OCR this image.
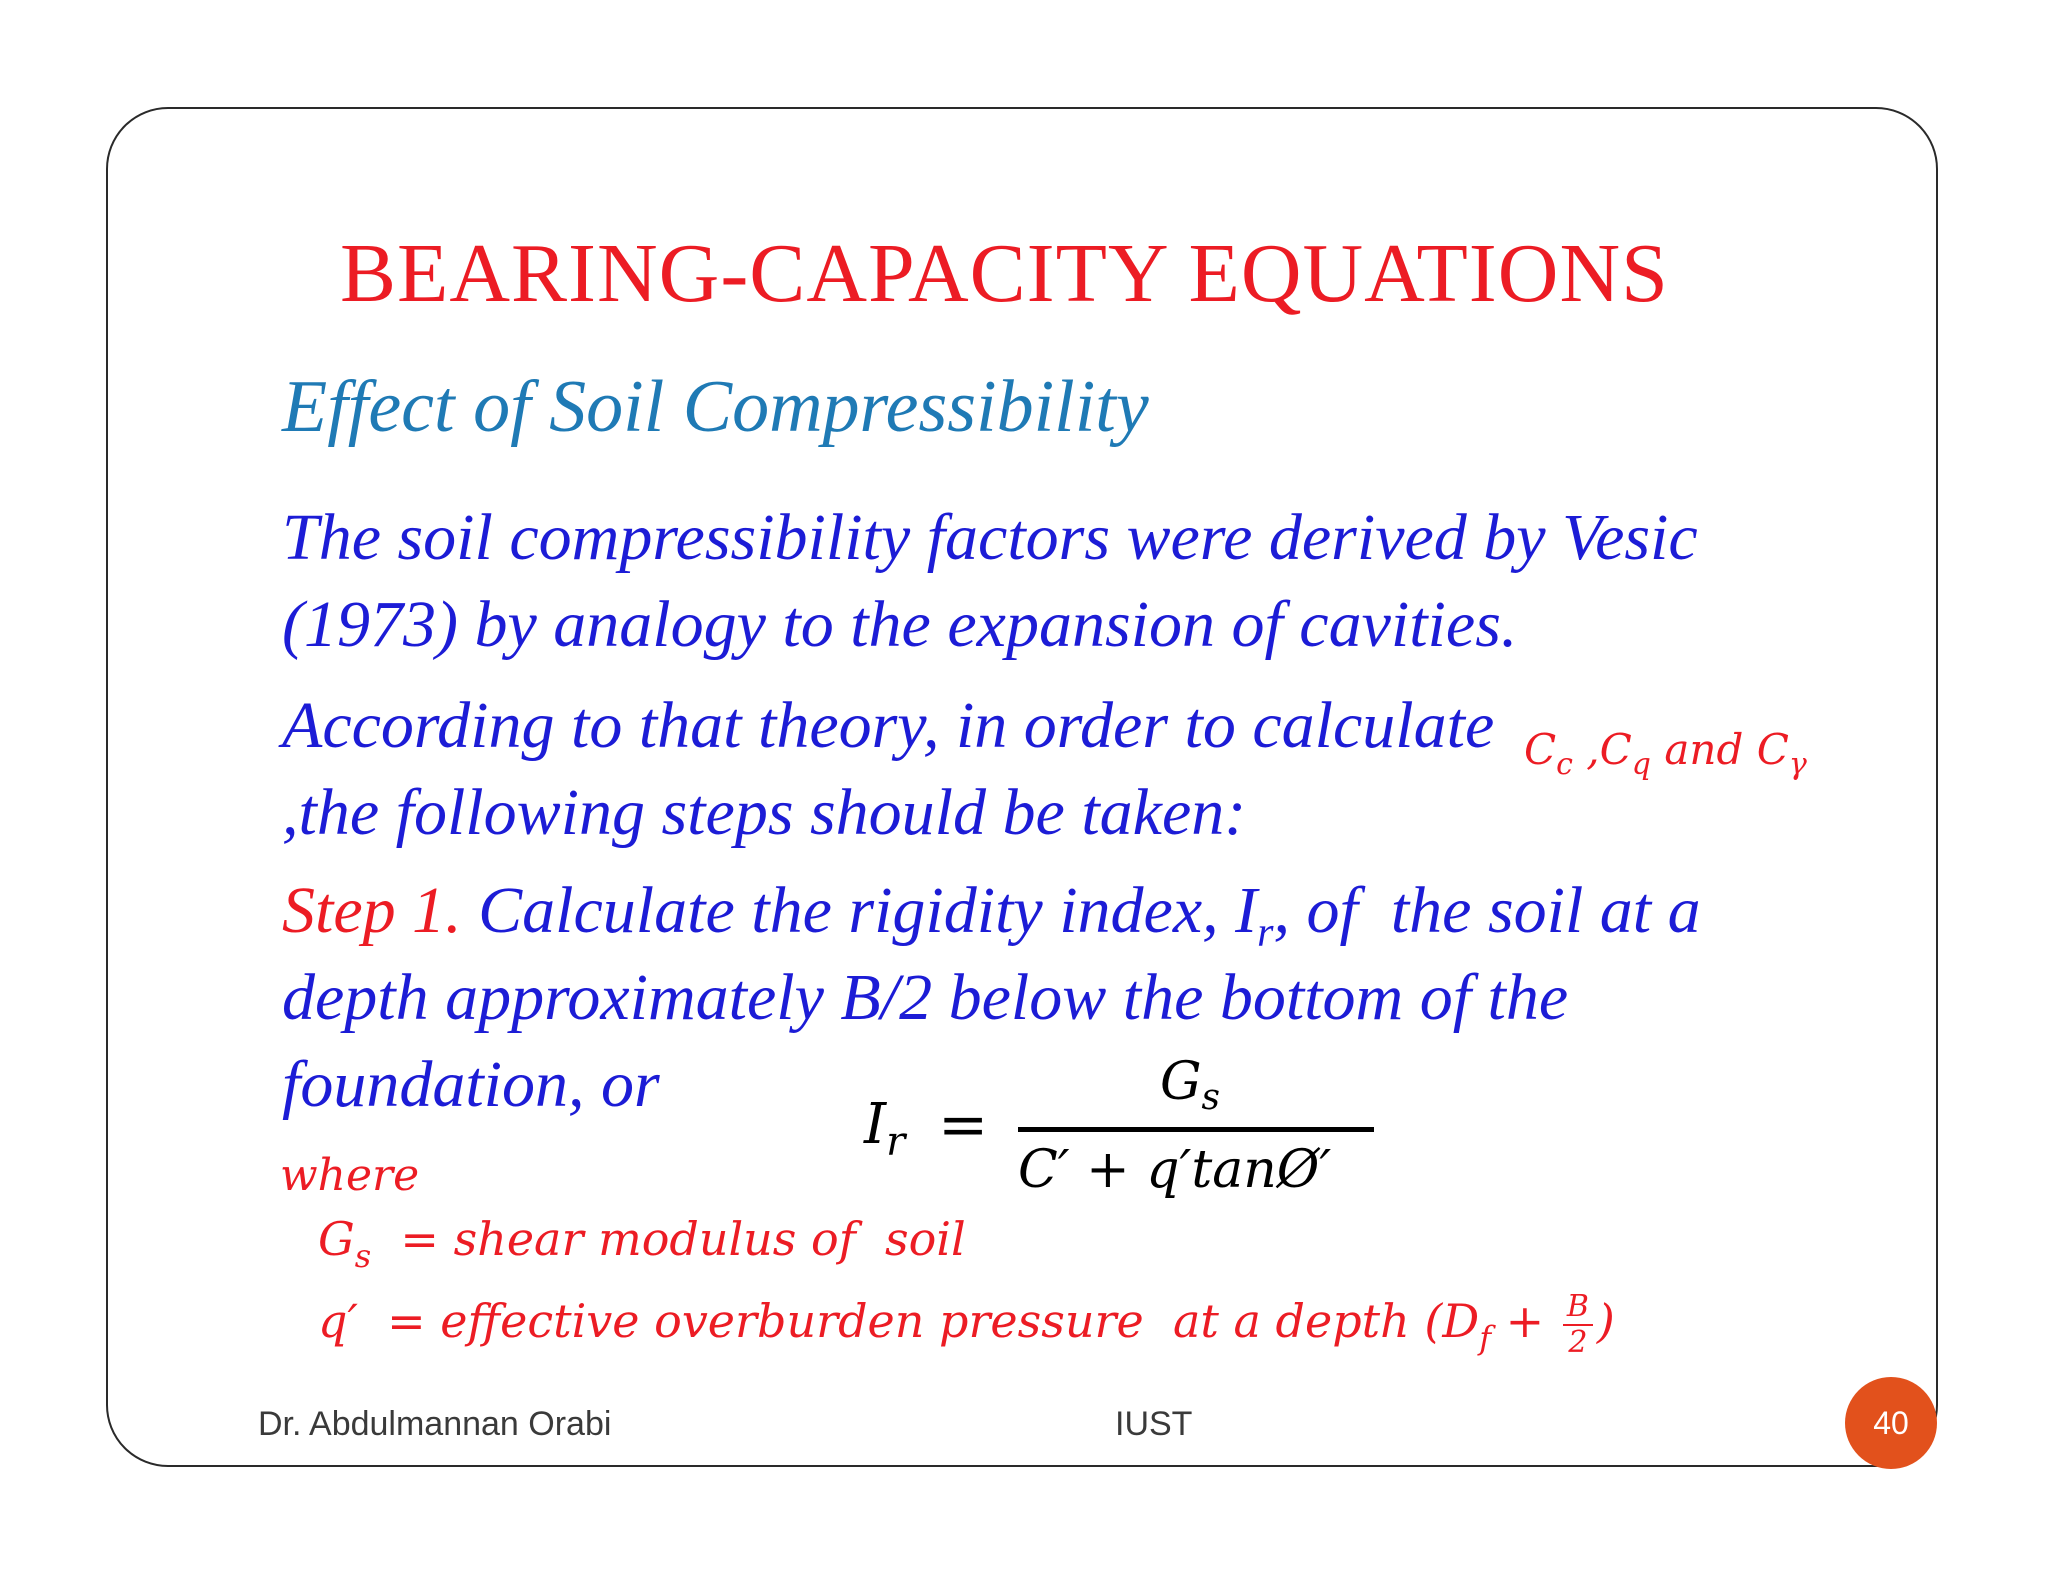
BEARING-CAPACITY EQUATIONS
Effect of Soil Compressibility
The soil compressibility factors were derived by Vesic
(1973) by analogy to the expansion of cavities.
According to that theory, in order to calculate $C_c$ $,C_q$ and $C_\gamma$
,the following steps should be taken:
Step 1. Calculate the rigidity index, $I_r$, of  the soil at a
depth approximately B/2 below the bottom of the
foundation, or
$I_r$ =
$G_s$
C′ + q′tanØ′
where
$G_s$  = shear modulus of  soil
q′  = effective overburden pressure  at a depth ($D_f + \frac{B}{2}$ )
Dr. Abdulmannan Orabi	IUST	40
